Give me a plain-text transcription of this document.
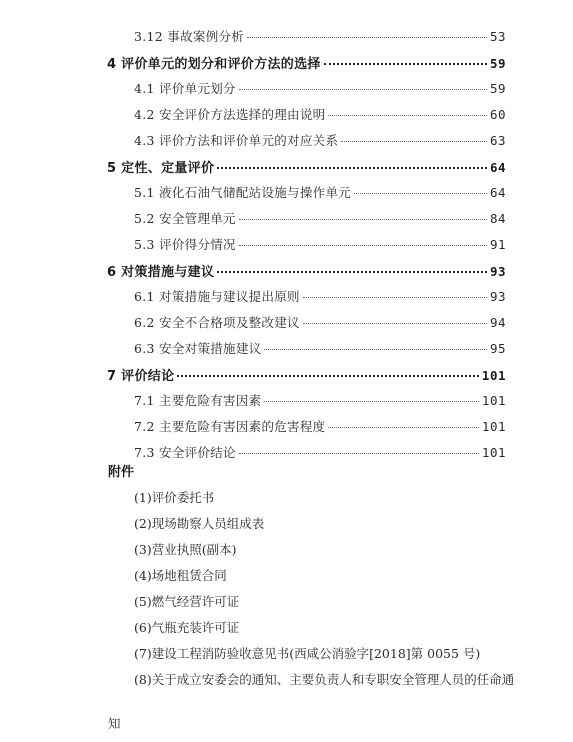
3.12 事故案例分析	53
4 评价单元的划分和评价方法的选择	59
4.1 评价单元划分	59
4.2 安全评价方法选择的理由说明	60
4.3 评价方法和评价单元的对应关系	63
5 定性、定量评价	64
5.1 液化石油气储配站设施与操作单元	64
5.2 安全管理单元	84
5.3 评价得分情况	91
6 对策措施与建议	93
6.1 对策措施与建议提出原则	93
6.2 安全不合格项及整改建议	94
6.3 安全对策措施建议	95
7 评价结论	101
7.1 主要危险有害因素	101
7.2 主要危险有害因素的危害程度	101
7.3 安全评价结论	101
附件
(1)评价委托书
(2)现场勘察人员组成表
(3)营业执照(副本)
(4)场地租赁合同
(5)燃气经营许可证
(6)气瓶充装许可证
(7)建设工程消防验收意见书(西咸公消验字[2018]第 0055 号)
(8)关于成立安委会的通知、主要负责人和专职安全管理人员的任命通
知
